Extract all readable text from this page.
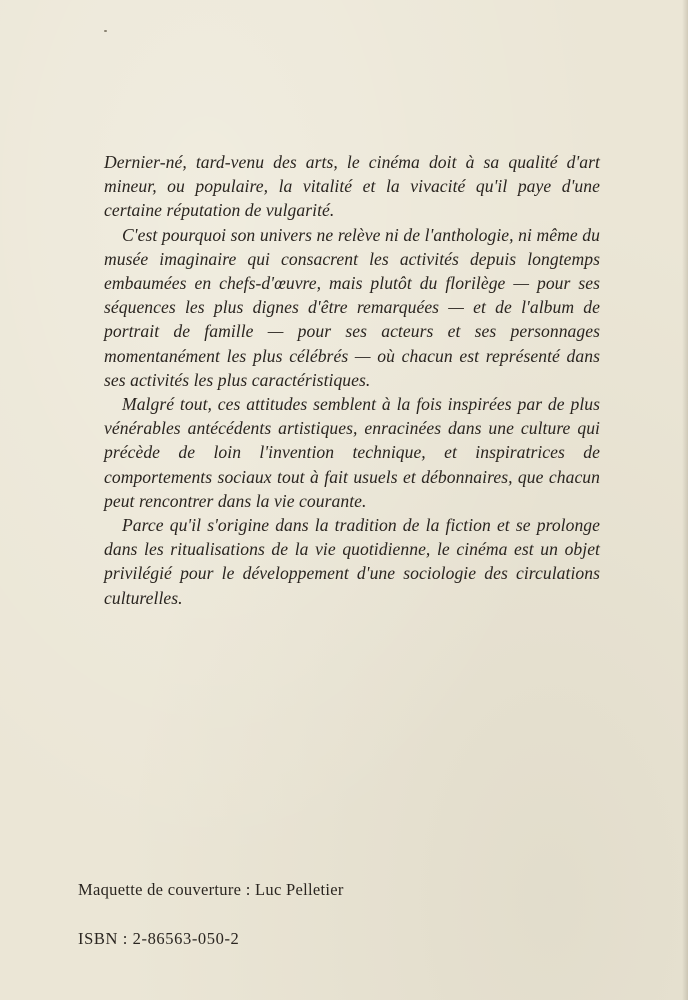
Dernier-né, tard-venu des arts, le cinéma doit à sa qualité d'art mineur, ou populaire, la vitalité et la vivacité qu'il paye d'une certaine réputation de vulgarité.

C'est pourquoi son univers ne relève ni de l'anthologie, ni même du musée imaginaire qui consacrent les activités depuis longtemps embaumées en chefs-d'œuvre, mais plutôt du florilège — pour ses séquences les plus dignes d'être remarquées — et de l'album de portrait de famille — pour ses acteurs et ses personnages momentanément les plus célébrés — où chacun est représenté dans ses activités les plus caractéristiques.

Malgré tout, ces attitudes semblent à la fois inspirées par de plus vénérables antécédents artistiques, enracinées dans une culture qui précède de loin l'invention technique, et inspiratrices de comportements sociaux tout à fait usuels et débonnaires, que chacun peut rencontrer dans la vie courante.

Parce qu'il s'origine dans la tradition de la fiction et se prolonge dans les ritualisations de la vie quotidienne, le cinéma est un objet privilégié pour le développement d'une sociologie des circulations culturelles.

Maquette de couverture : Luc Pelletier
ISBN : 2-86563-050-2
